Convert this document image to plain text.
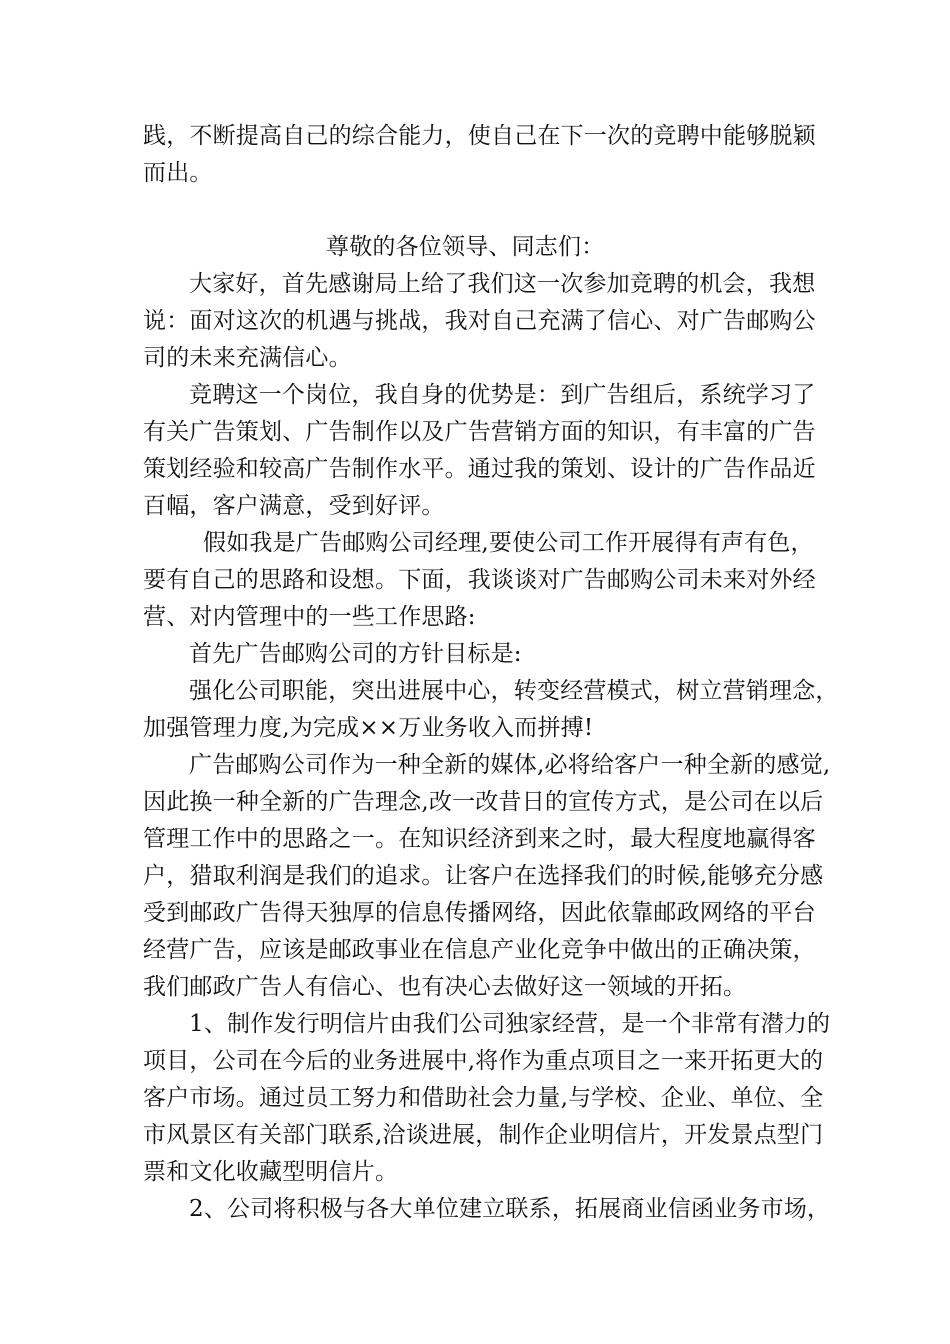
践，不断提高自己的综合能力，使自己在下一次的竞聘中能够脱颖
而出。
尊敬的各位领导、同志们：
大家好，首先感谢局上给了我们这一次参加竞聘的机会，我想
说：面对这次的机遇与挑战，我对自己充满了信心、对广告邮购公
司的未来充满信心。
竞聘这一个岗位，我自身的优势是：到广告组后，系统学习了
有关广告策划、广告制作以及广告营销方面的知识，有丰富的广告
策划经验和较高广告制作水平。通过我的策划、设计的广告作品近
百幅，客户满意，受到好评。
假如我是广告邮购公司经理,要使公司工作开展得有声有色，
要有自己的思路和设想。下面，我谈谈对广告邮购公司未来对外经
营、对内管理中的一些工作思路:
首先广告邮购公司的方针目标是:
强化公司职能，突出进展中心，转变经营模式，树立营销理念，
加强管理力度,为完成××万业务收入而拼搏!
广告邮购公司作为一种全新的媒体,必将给客户一种全新的感觉,
因此换一种全新的广告理念,改一改昔日的宣传方式，是公司在以后
管理工作中的思路之一。在知识经济到来之时，最大程度地赢得客
户，猎取利润是我们的追求。让客户在选择我们的时候,能够充分感
受到邮政广告得天独厚的信息传播网络，因此依靠邮政网络的平台
经营广告，应该是邮政事业在信息产业化竞争中做出的正确决策，
我们邮政广告人有信心、也有决心去做好这一领域的开拓。
1、制作发行明信片由我们公司独家经营，是一个非常有潜力的
项目，公司在今后的业务进展中,将作为重点项目之一来开拓更大的
客户市场。通过员工努力和借助社会力量,与学校、企业、单位、全
市风景区有关部门联系,洽谈进展，制作企业明信片，开发景点型门
票和文化收藏型明信片。
2、公司将积极与各大单位建立联系，拓展商业信函业务市场，
